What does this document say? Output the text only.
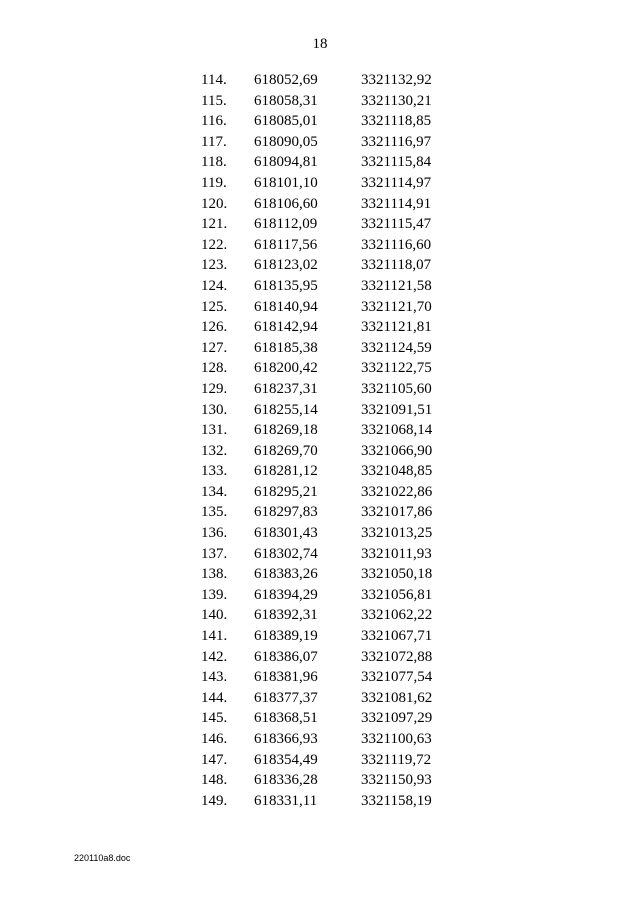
18
114. 618052,69	3321132,92
115. 618058,31	3321130,21
116. 618085,01	3321118,85
117. 618090,05	3321116,97
118. 618094,81	3321115,84
119. 618101,10	3321114,97
120. 618106,60	3321114,91
121. 618112,09	3321115,47
122. 618117,56	3321116,60
123. 618123,02	3321118,07
124. 618135,95	3321121,58
125. 618140,94	3321121,70
126. 618142,94	3321121,81
127. 618185,38	3321124,59
128. 618200,42	3321122,75
129. 618237,31	3321105,60
130. 618255,14	3321091,51
131. 618269,18	3321068,14
132. 618269,70	3321066,90
133. 618281,12	3321048,85
134. 618295,21	3321022,86
135. 618297,83	3321017,86
136. 618301,43	3321013,25
137. 618302,74	3321011,93
138. 618383,26	3321050,18
139. 618394,29	3321056,81
140. 618392,31	3321062,22
141. 618389,19	3321067,71
142. 618386,07	3321072,88
143. 618381,96	3321077,54
144. 618377,37	3321081,62
145. 618368,51	3321097,29
146. 618366,93	3321100,63
147. 618354,49	3321119,72
148. 618336,28	3321150,93
149. 618331,11	3321158,19
220110a8.doc
